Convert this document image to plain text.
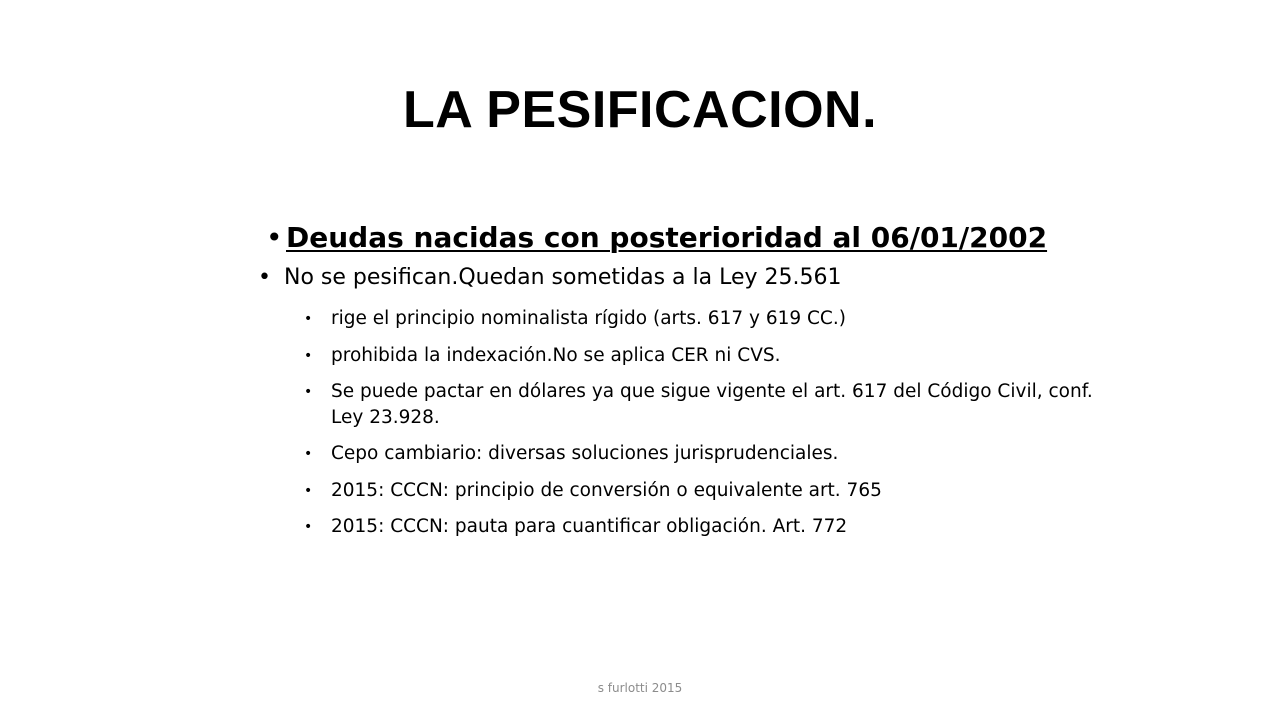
LA PESIFICACION.
• Deudas nacidas con posterioridad al 06/01/2002
• No se pesifican.Quedan sometidas a la Ley 25.561
•	rige el principio nominalista rígido (arts. 617 y 619 CC.)
•	prohibida la indexación.No se aplica CER ni CVS.
•	Se puede pactar en dólares ya que sigue vigente el art. 617 del Código Civil, conf. Ley 23.928.
•	Cepo cambiario: diversas soluciones jurisprudenciales.
•	2015: CCCN: principio de conversión o equivalente art. 765
•	2015: CCCN: pauta para cuantificar obligación. Art. 772
s furlotti 2015
